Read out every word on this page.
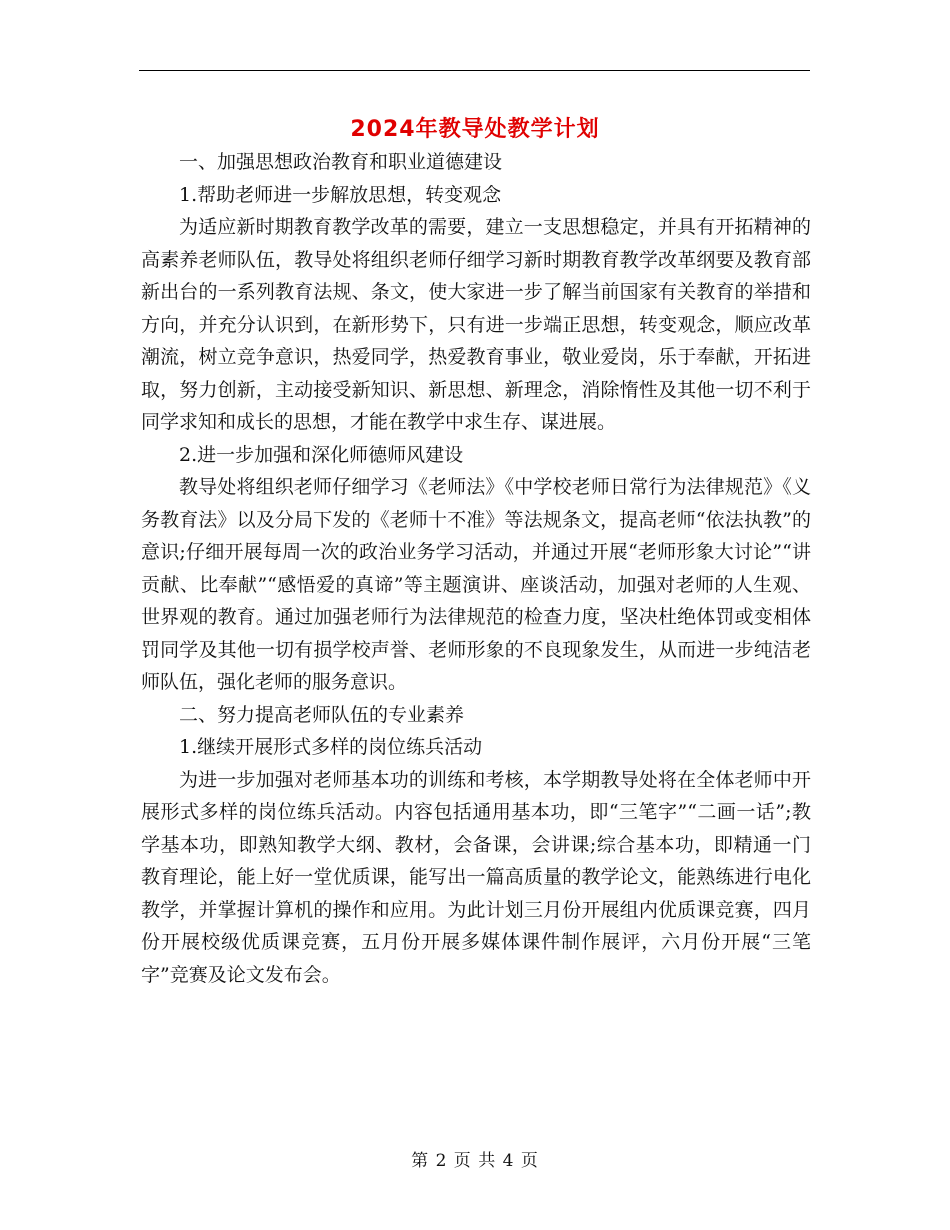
2024年教导处教学计划

一、加强思想政治教育和职业道德建设

1.帮助老师进一步解放思想，转变观念

为适应新时期教育教学改革的需要，建立一支思想稳定，并具有开拓精神的高素养老师队伍，教导处将组织老师仔细学习新时期教育教学改革纲要及教育部新出台的一系列教育法规、条文，使大家进一步了解当前国家有关教育的举措和方向，并充分认识到，在新形势下，只有进一步端正思想，转变观念，顺应改革潮流，树立竞争意识，热爱同学，热爱教育事业，敬业爱岗，乐于奉献，开拓进取，努力创新，主动接受新知识、新思想、新理念，消除惰性及其他一切不利于同学求知和成长的思想，才能在教学中求生存、谋进展。

2.进一步加强和深化师德师风建设

教导处将组织老师仔细学习《老师法》《中学校老师日常行为法律规范》《义务教育法》以及分局下发的《老师十不准》等法规条文，提高老师“依法执教”的意识;仔细开展每周一次的政治业务学习活动，并通过开展“老师形象大讨论”“讲贡献、比奉献”“感悟爱的真谛”等主题演讲、座谈活动，加强对老师的人生观、世界观的教育。通过加强老师行为法律规范的检查力度，坚决杜绝体罚或变相体罚同学及其他一切有损学校声誉、老师形象的不良现象发生，从而进一步纯洁老师队伍，强化老师的服务意识。

二、努力提高老师队伍的专业素养

1.继续开展形式多样的岗位练兵活动

为进一步加强对老师基本功的训练和考核，本学期教导处将在全体老师中开展形式多样的岗位练兵活动。内容包括通用基本功，即“三笔字”“二画一话”;教学基本功，即熟知教学大纲、教材，会备课，会讲课;综合基本功，即精通一门教育理论，能上好一堂优质课，能写出一篇高质量的教学论文，能熟练进行电化教学，并掌握计算机的操作和应用。为此计划三月份开展组内优质课竞赛，四月份开展校级优质课竞赛，五月份开展多媒体课件制作展评，六月份开展“三笔字”竞赛及论文发布会。

第 2 页 共 4 页
